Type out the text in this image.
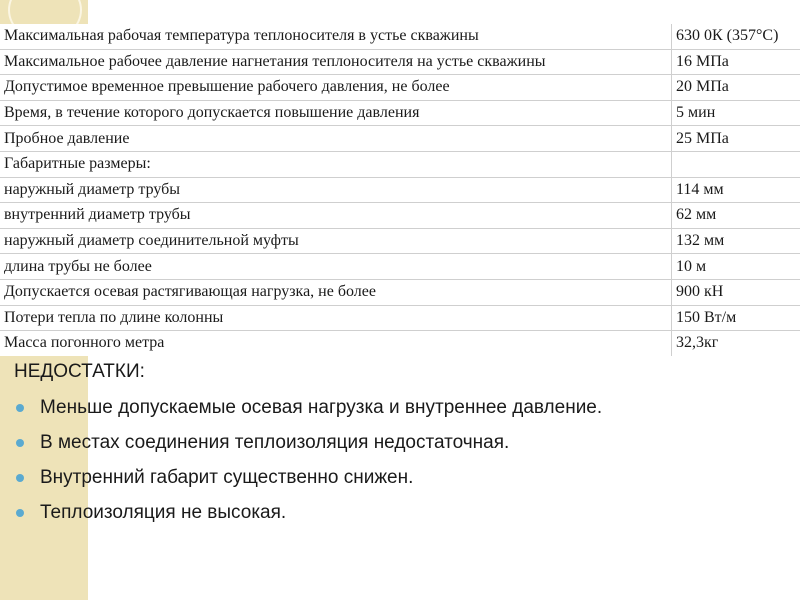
Максимальная рабочая температура теплоносителя в устье скважины	630 0К (357°С)
Максимальное рабочее давление нагнетания теплоносителя на устье скважины	16 МПа
Допустимое временное превышение рабочего давления, не более	20 МПа
Время, в течение которого допускается повышение давления	5 мин
Пробное давление	25 МПа
Габаритные размеры:	
наружный диаметр трубы	114 мм
внутренний диаметр трубы	62 мм
наружный диаметр соединительной муфты	132 мм
длина трубы не более	10 м
Допускается осевая растягивающая нагрузка, не более	900 кН
Потери тепла по длине колонны	150 Вт/м
Масса погонного метра	32,3кг
НЕДОСТАТКИ:
Меньше допускаемые осевая нагрузка и внутреннее давление.
В местах соединения теплоизоляция недостаточная.
Внутренний габарит существенно снижен.
Теплоизоляция не высокая.
